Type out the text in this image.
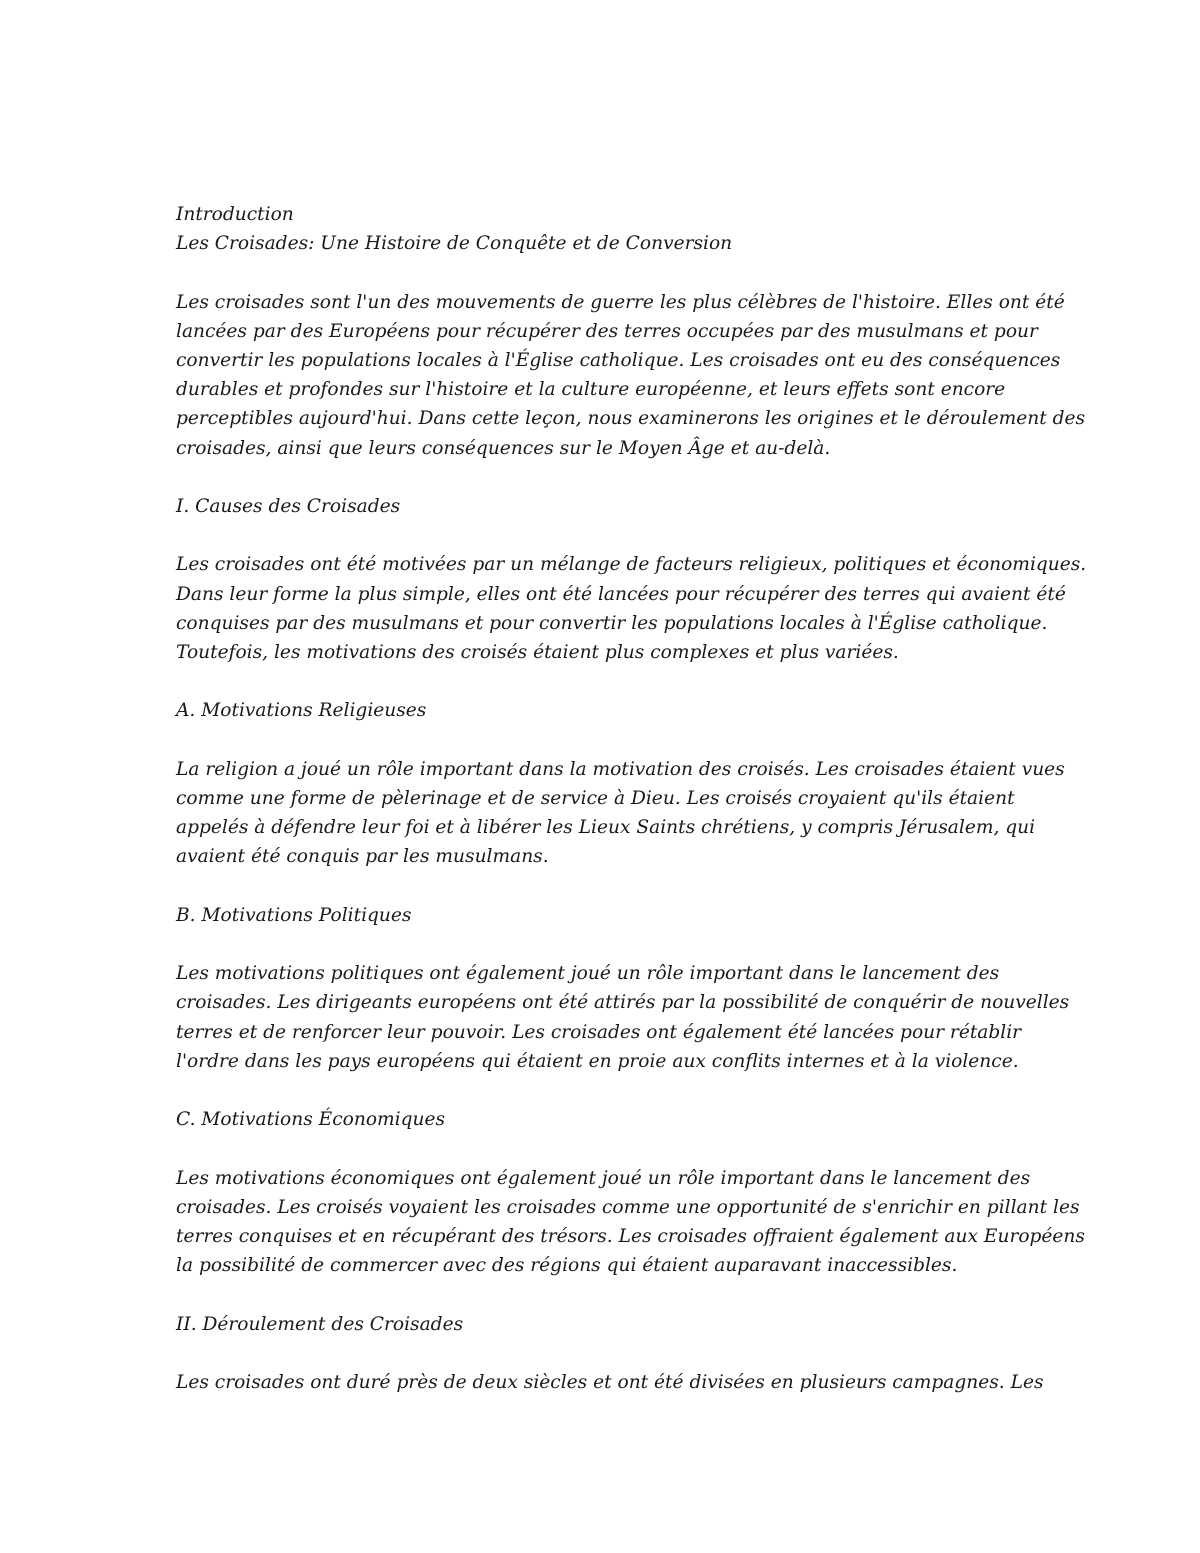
Introduction

Les Croisades: Une Histoire de Conquête et de Conversion

Les croisades sont l'un des mouvements de guerre les plus célèbres de l'histoire. Elles ont été
lancées par des Européens pour récupérer des terres occupées par des musulmans et pour
convertir les populations locales à l'Église catholique. Les croisades ont eu des conséquences
durables et profondes sur l'histoire et la culture européenne, et leurs effets sont encore
perceptibles aujourd'hui. Dans cette leçon, nous examinerons les origines et le déroulement des
croisades, ainsi que leurs conséquences sur le Moyen Âge et au-delà.

I. Causes des Croisades

Les croisades ont été motivées par un mélange de facteurs religieux, politiques et économiques.
Dans leur forme la plus simple, elles ont été lancées pour récupérer des terres qui avaient été
conquises par des musulmans et pour convertir les populations locales à l'Église catholique.
Toutefois, les motivations des croisés étaient plus complexes et plus variées.

A. Motivations Religieuses

La religion a joué un rôle important dans la motivation des croisés. Les croisades étaient vues
comme une forme de pèlerinage et de service à Dieu. Les croisés croyaient qu'ils étaient
appelés à défendre leur foi et à libérer les Lieux Saints chrétiens, y compris Jérusalem, qui
avaient été conquis par les musulmans.

B. Motivations Politiques

Les motivations politiques ont également joué un rôle important dans le lancement des
croisades. Les dirigeants européens ont été attirés par la possibilité de conquérir de nouvelles
terres et de renforcer leur pouvoir. Les croisades ont également été lancées pour rétablir
l'ordre dans les pays européens qui étaient en proie aux conflits internes et à la violence.

C. Motivations Économiques

Les motivations économiques ont également joué un rôle important dans le lancement des
croisades. Les croisés voyaient les croisades comme une opportunité de s'enrichir en pillant les
terres conquises et en récupérant des trésors. Les croisades offraient également aux Européens
la possibilité de commercer avec des régions qui étaient auparavant inaccessibles.

II. Déroulement des Croisades

Les croisades ont duré près de deux siècles et ont été divisées en plusieurs campagnes. Les
